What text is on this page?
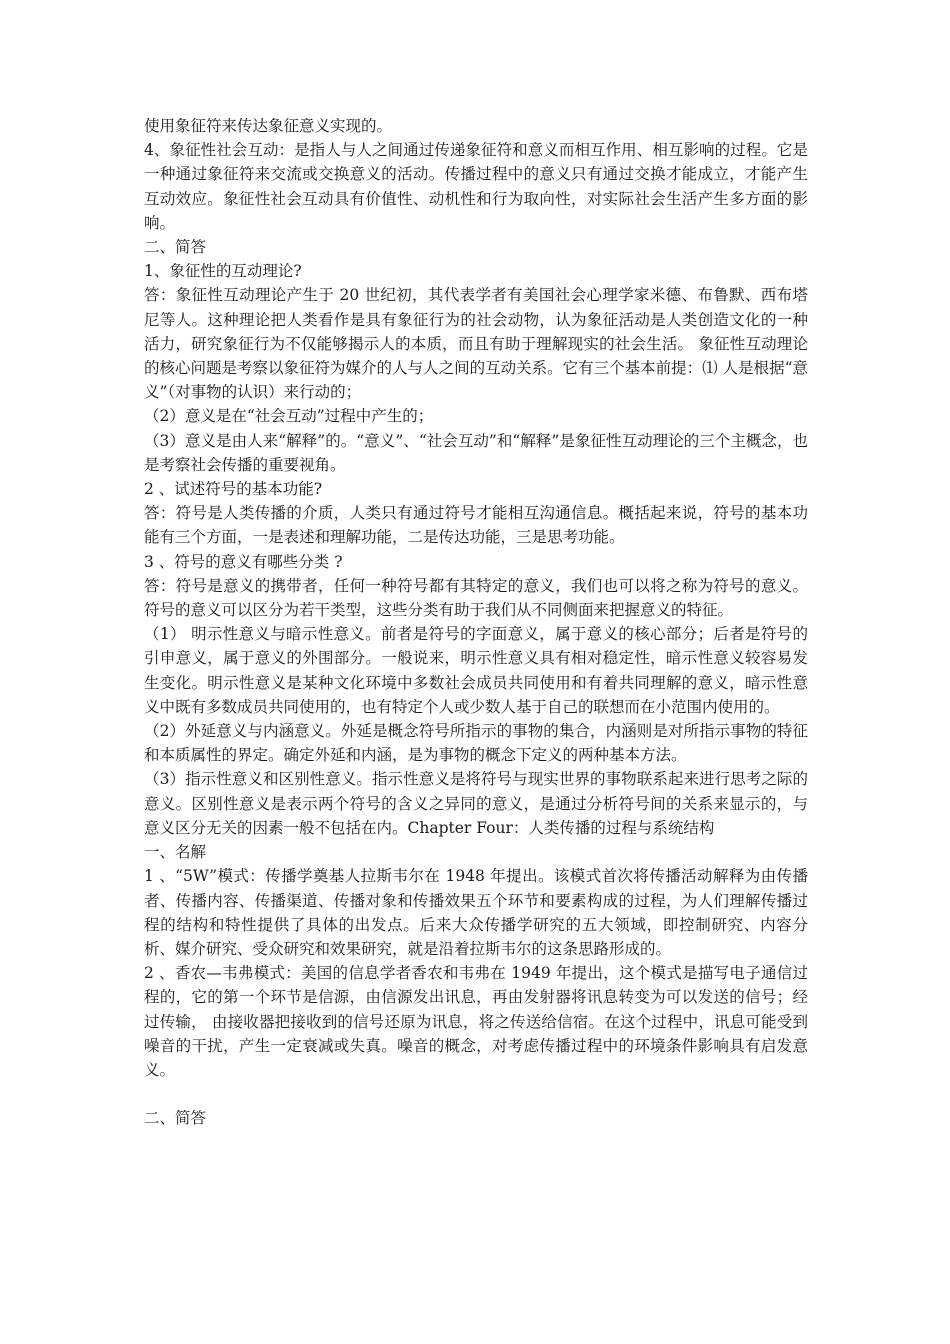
使用象征符来传达象征意义实现的。

4、象征性社会互动：是指人与人之间通过传递象征符和意义而相互作用、相互影响的过程。它是一种通过象征符来交流或交换意义的活动。传播过程中的意义只有通过交换才能成立，才能产生互动效应。象征性社会互动具有价值性、动机性和行为取向性，对实际社会生活产生多方面的影响。

二、简答

1、象征性的互动理论?

答：象征性互动理论产生于 20 世纪初，其代表学者有美国社会心理学家米德、布鲁默、西布塔尼等人。这种理论把人类看作是具有象征行为的社会动物，认为象征活动是人类创造文化的一种活力，研究象征行为不仅能够揭示人的本质，而且有助于理解现实的社会生活。 象征性互动理论的核心问题是考察以象征符为媒介的人与人之间的互动关系。它有三个基本前提：⑴ 人是根据“意义”（对事物的认识）来行动的；

（2）意义是在“社会互动”过程中产生的；

（3）意义是由人来“解释”的。“意义”、“社会互动”和“解释”是象征性互动理论的三个主概念，也是考察社会传播的重要视角。

2 、试述符号的基本功能?

答：符号是人类传播的介质，人类只有通过符号才能相互沟通信息。概括起来说，符号的基本功能有三个方面，一是表述和理解功能，二是传达功能，三是思考功能。

3 、符号的意义有哪些分类 ?

答：符号是意义的携带者，任何一种符号都有其特定的意义，我们也可以将之称为符号的意义。符号的意义可以区分为若干类型，这些分类有助于我们从不同侧面来把握意义的特征。

（1） 明示性意义与暗示性意义。前者是符号的字面意义，属于意义的核心部分；后者是符号的引申意义，属于意义的外围部分。一般说来，明示性意义具有相对稳定性，暗示性意义较容易发生变化。明示性意义是某种文化环境中多数社会成员共同使用和有着共同理解的意义，暗示性意义中既有多数成员共同使用的，也有特定个人或少数人基于自己的联想而在小范围内使用的。

（2）外延意义与内涵意义。外延是概念符号所指示的事物的集合，内涵则是对所指示事物的特征和本质属性的界定。确定外延和内涵，是为事物的概念下定义的两种基本方法。

（3）指示性意义和区别性意义。指示性意义是将符号与现实世界的事物联系起来进行思考之际的意义。区别性意义是表示两个符号的含义之异同的意义，是通过分析符号间的关系来显示的，与意义区分无关的因素一般不包括在内。Chapter Four：人类传播的过程与系统结构

一、名解

1 、“5W”模式：传播学奠基人拉斯韦尔在 1948 年提出。该模式首次将传播活动解释为由传播者、传播内容、传播渠道、传播对象和传播效果五个环节和要素构成的过程，为人们理解传播过程的结构和特性提供了具体的出发点。后来大众传播学研究的五大领域，即控制研究、内容分析、媒介研究、受众研究和效果研究，就是沿着拉斯韦尔的这条思路形成的。

2 、香农—韦弗模式：美国的信息学者香农和韦弗在 1949 年提出，这个模式是描写电子通信过程的，它的第一个环节是信源，由信源发出讯息，再由发射器将讯息转变为可以发送的信号；经过传输， 由接收器把接收到的信号还原为讯息，将之传送给信宿。在这个过程中，讯息可能受到噪音的干扰，产生一定衰减或失真。噪音的概念，对考虑传播过程中的环境条件影响具有启发意义。

二、简答
